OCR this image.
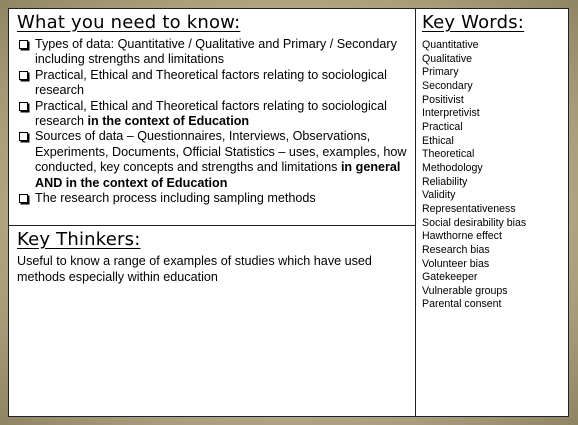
What you need to know:
Types of data: Quantitative / Qualitative and Primary / Secondary including strengths and limitations
Practical, Ethical and Theoretical factors relating to sociological research
Practical, Ethical and Theoretical factors relating to sociological research in the context of Education
Sources of data – Questionnaires, Interviews, Observations, Experiments, Documents, Official Statistics – uses, examples, how conducted, key concepts and strengths and limitations in general AND in the context of Education
The research process including sampling methods
Key Thinkers:

Useful to know a range of examples of studies which have used methods especially within education

Key Words:
Quantitative
Qualitative
Primary
Secondary
Positivist
Interpretivist
Practical
Ethical
Theoretical
Methodology
Reliability
Validity
Representativeness
Social desirability bias
Hawthorne effect
Research bias
Volunteer bias
Gatekeeper
Vulnerable groups
Parental consent
